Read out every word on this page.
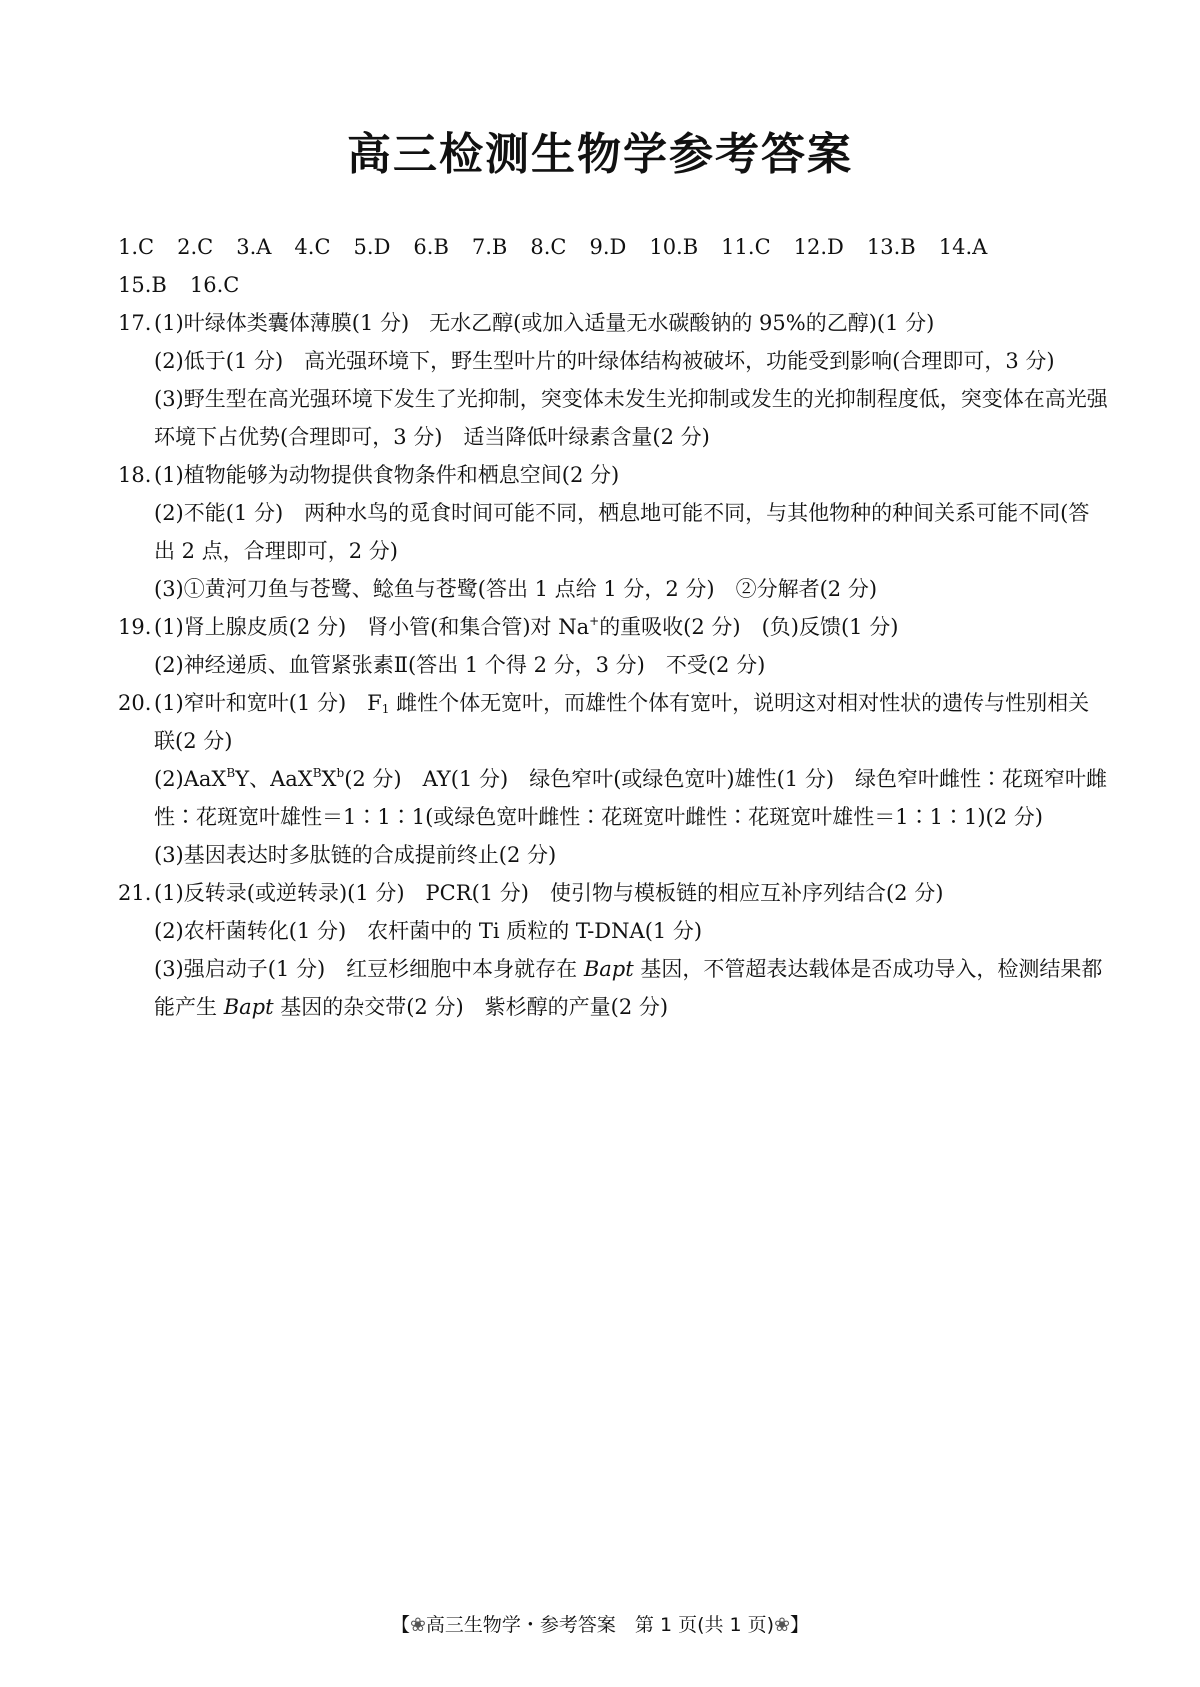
高三检测生物学参考答案
1.C 2.C 3.A 4.C 5.D 6.B 7.B 8.C 9.D 10.B 11.C 12.D 13.B 14.A
15.B 16.C
17. (1)叶绿体类囊体薄膜(1 分) 无水乙醇(或加入适量无水碳酸钠的 95%的乙醇)(1 分)
(2)低于(1 分)　高光强环境下，野生型叶片的叶绿体结构被破坏，功能受到影响(合理即可，3 分)
(3)野生型在高光强环境下发生了光抑制，突变体未发生光抑制或发生的光抑制程度低，突变体在高光强环境下占优势(合理即可，3 分)　适当降低叶绿素含量(2 分)
18. (1)植物能够为动物提供食物条件和栖息空间(2 分)
(2)不能(1 分)　两种水鸟的觅食时间可能不同，栖息地可能不同，与其他物种的种间关系可能不同(答出 2 点，合理即可，2 分)
(3)①黄河刀鱼与苍鹭、鲶鱼与苍鹭(答出 1 点给 1 分，2 分)　②分解者(2 分)
19. (1)肾上腺皮质(2 分)　肾小管(和集合管)对 Na+的重吸收(2 分)　(负)反馈(1 分)
(2)神经递质、血管紧张素Ⅱ(答出 1 个得 2 分，3 分)　不受(2 分)
20. (1)窄叶和宽叶(1 分)　$F_1$ 雌性个体无宽叶，而雄性个体有宽叶，说明这对相对性状的遗传与性别相关联(2 分)
(2)AaX$^B$Y、$AaX^BX^b(2$ 分)　AY(1 分)　绿色窄叶(或绿色宽叶)雄性(1 分)　绿色窄叶雌性∶花斑窄叶雌性∶花斑宽叶雄性＝1∶1∶1(或绿色宽叶雌性∶花斑宽叶雌性∶花斑宽叶雄性＝1∶1∶1)(2 分)
(3)基因表达时多肽链的合成提前终止(2 分)
21. (1)反转录(或逆转录)(1 分)　PCR(1 分)　使引物与模板链的相应互补序列结合(2 分)
(2)农杆菌转化(1 分)　农杆菌中的 Ti 质粒的 T-DNA(1 分)
(3)强启动子(1 分)　红豆杉细胞中本身就存在 Bapt 基因，不管超表达载体是否成功导入，检测结果都能产生 Bapt 基因的杂交带(2 分)　紫杉醇的产量(2 分)
【❀高三生物学・参考答案　第 1 页(共 1 页)❀】
